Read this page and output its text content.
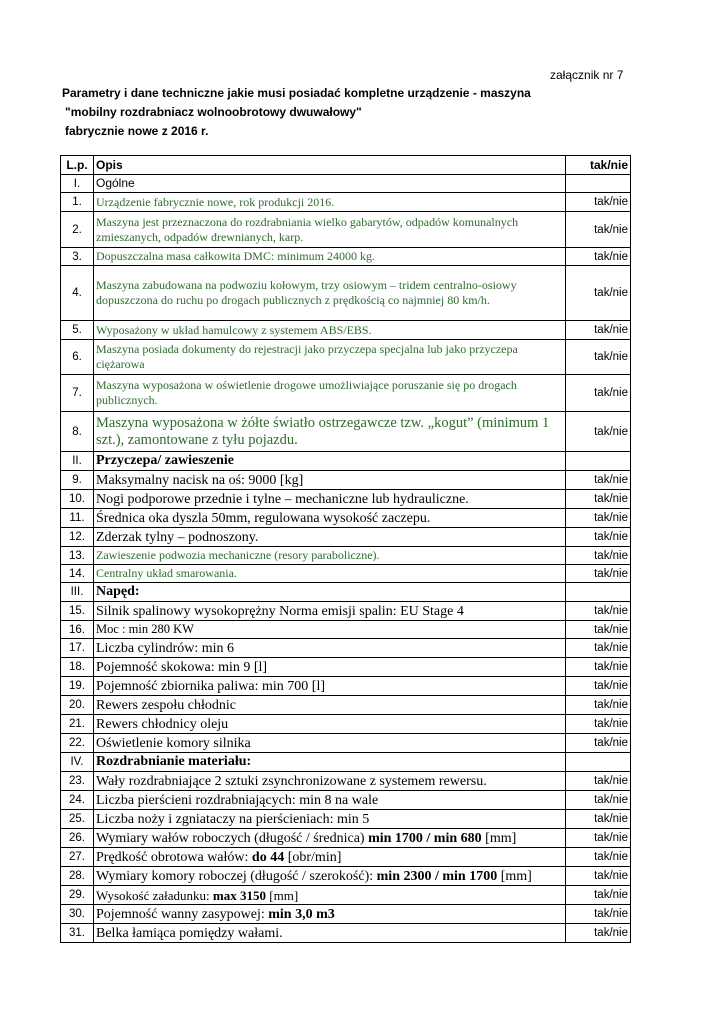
załącznik nr 7
Parametry i dane techniczne jakie musi posiadać kompletne urządzenie - maszyna
"mobilny rozdrabniacz wolnoobrotowy dwuwałowy"
fabrycznie nowe z 2016 r.
L.p.	Opis	tak/nie
I.	Ogólne	
1.	Urządzenie fabrycznie nowe, rok produkcji 2016.	tak/nie
2.	Maszyna jest przeznaczona do rozdrabniania wielko gabarytów, odpadów komunalnych zmieszanych, odpadów drewnianych, karp.	tak/nie
3.	Dopuszczalna masa całkowita DMC: minimum 24000 kg.	tak/nie
4.	Maszyna zabudowana na podwoziu kołowym, trzy osiowym – tridem centralno-osiowy dopuszczona do ruchu po drogach publicznych z prędkością co najmniej 80 km/h.	tak/nie
5.	Wyposażony w układ hamulcowy z systemem ABS/EBS.	tak/nie
6.	Maszyna posiada dokumenty do rejestracji jako przyczepa specjalna lub jako przyczepa ciężarowa	tak/nie
7.	Maszyna wyposażona w oświetlenie drogowe umożliwiające poruszanie się po drogach publicznych.	tak/nie
8.	Maszyna wyposażona w żółte światło ostrzegawcze tzw. „kogut” (minimum 1 szt.), zamontowane z tyłu pojazdu.	tak/nie
II.	Przyczepa/ zawieszenie	
9.	Maksymalny nacisk na oś: 9000 [kg]	tak/nie
10.	Nogi podporowe przednie i tylne – mechaniczne lub hydrauliczne.	tak/nie
11.	Średnica oka dyszla 50mm, regulowana wysokość zaczepu.	tak/nie
12.	Zderzak tylny – podnoszony.	tak/nie
13.	Zawieszenie podwozia mechaniczne (resory paraboliczne).	tak/nie
14.	Centralny układ smarowania.	tak/nie
III.	Napęd:	
15.	Silnik spalinowy wysokoprężny Norma emisji spalin: EU Stage 4	tak/nie
16.	Moc : min 280 KW	tak/nie
17.	Liczba cylindrów: min 6	tak/nie
18.	Pojemność skokowa: min 9 [l]	tak/nie
19.	Pojemność zbiornika paliwa: min 700 [l]	tak/nie
20.	Rewers zespołu chłodnic	tak/nie
21.	Rewers chłodnicy oleju	tak/nie
22.	Oświetlenie komory silnika	tak/nie
IV.	Rozdrabnianie materiału:	
23.	Wały rozdrabniające 2 sztuki zsynchronizowane z systemem rewersu.	tak/nie
24.	Liczba pierścieni rozdrabniających: min 8 na wale	tak/nie
25.	Liczba noży i zgniataczy na pierścieniach: min 5	tak/nie
26.	Wymiary wałów roboczych (długość / średnica) min 1700 / min 680 [mm]	tak/nie
27.	Prędkość obrotowa wałów: do 44 [obr/min]	tak/nie
28.	Wymiary komory roboczej (długość / szerokość): min 2300 / min 1700 [mm]	tak/nie
29.	Wysokość załadunku: max 3150 [mm]	tak/nie
30.	Pojemność wanny zasypowej: min 3,0 m3	tak/nie
31.	Belka łamiąca pomiędzy wałami.	tak/nie
